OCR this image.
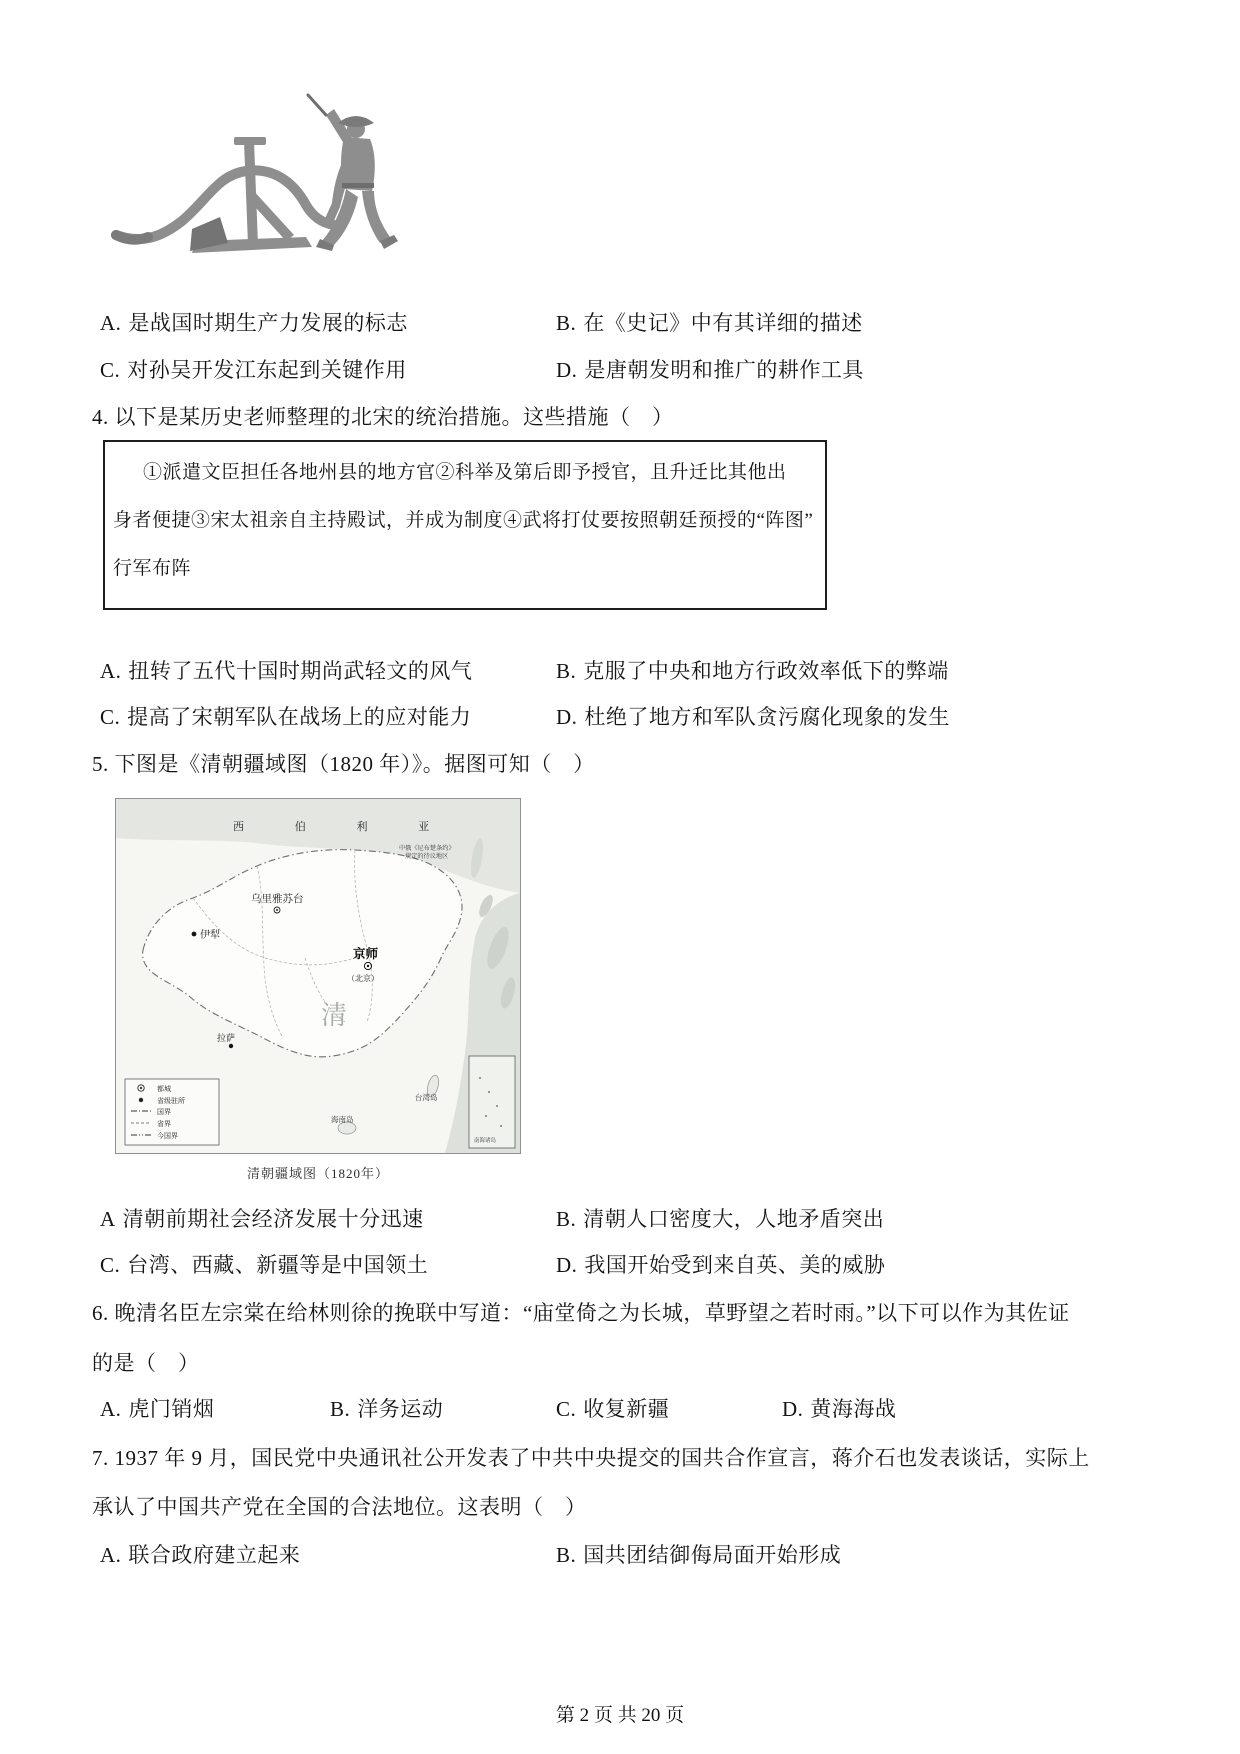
A. 是战国时期生产力发展的标志	B. 在《史记》中有其详细的描述
C. 对孙吴开发江东起到关键作用	D. 是唐朝发明和推广的耕作工具
4. 以下是某历史老师整理的北宋的统治措施。这些措施（　）
①派遣文臣担任各地州县的地方官②科举及第后即予授官，且升迁比其他出
身者便捷③宋太祖亲自主持殿试，并成为制度④武将打仗要按照朝廷预授的“阵图”
行军布阵
A. 扭转了五代十国时期尚武轻文的风气	B. 克服了中央和地方行政效率低下的弊端
C. 提高了宋朝军队在战场上的应对能力	D. 杜绝了地方和军队贪污腐化现象的发生
5. 下图是《清朝疆域图（1820 年）》。据图可知（　）
西 伯 利 亚
中俄《尼布楚条约》
规定的待议地区
乌里雅苏台
伊犁
拉萨
京师
（北京）
清
台湾岛
海南岛
都城
省级驻所
国界
省界
今国界
南海诸岛
清朝疆域图（1820年）
A 清朝前期社会经济发展十分迅速	B. 清朝人口密度大，人地矛盾突出
C. 台湾、西藏、新疆等是中国领土	D. 我国开始受到来自英、美的威胁
6. 晚清名臣左宗棠在给林则徐的挽联中写道：“庙堂倚之为长城，草野望之若时雨。”以下可以作为其佐证
的是（　）
A. 虎门销烟	B. 洋务运动	C. 收复新疆	D. 黄海海战
7. 1937 年 9 月，国民党中央通讯社公开发表了中共中央提交的国共合作宣言，蒋介石也发表谈话，实际上
承认了中国共产党在全国的合法地位。这表明（　）
A. 联合政府建立起来	B. 国共团结御侮局面开始形成
第 2 页 共 20 页
